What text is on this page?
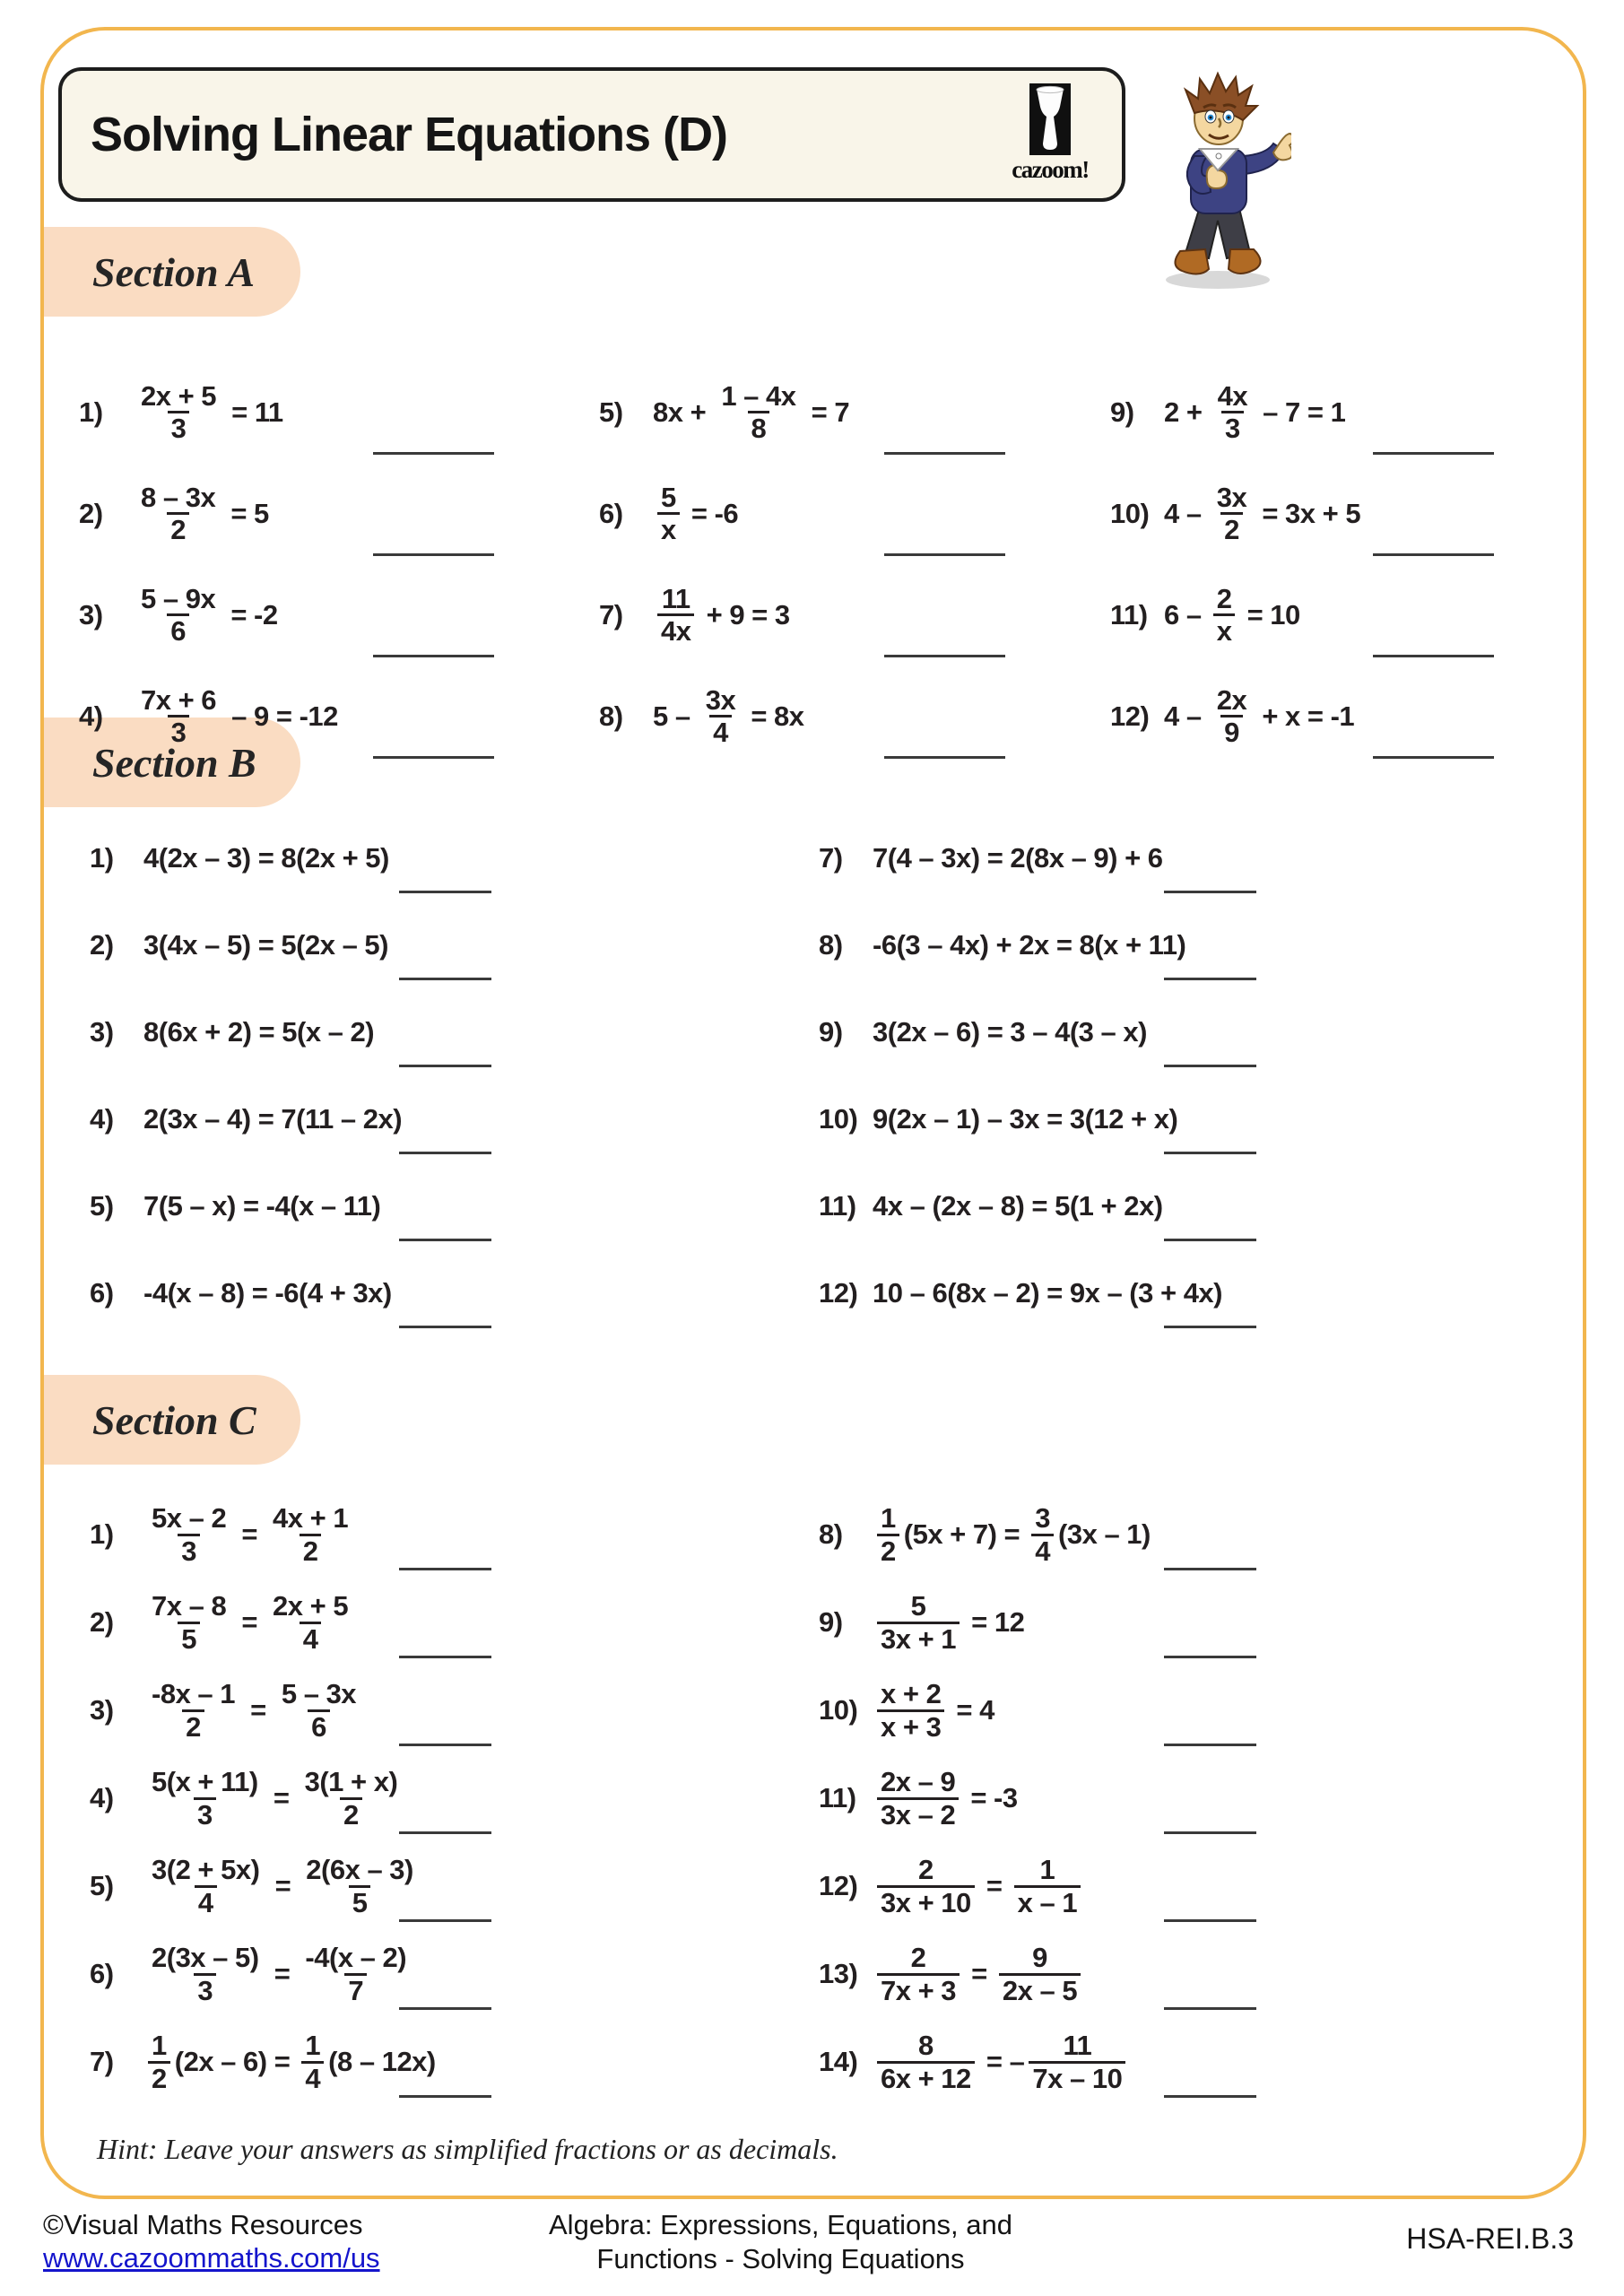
Solving Linear Equations (D)
cazoom!
Section A
Section B
Section C
1)	$\frac{2x + 5}{3} = 11$
2)	$\frac{8 - 3x}{2} = 5$
3)	$\frac{5 - 9x}{6} = -2$
4)	$\frac{7x + 6}{3} - 9 = -12$
5)	$8x + \frac{1 - 4x}{8} = 7$
6)	$\frac{5}{x} = -6$
7)	$\frac{11}{4x} + 9 = 3$
8)	$5 - \frac{3x}{4} = 8x$
9)	$2 + \frac{4x}{3} - 7 = 1$
10) $4 - \frac{3x}{2} = 3x + 5$
11) $6 - \frac{2}{x} = 10$
12) $4 - \frac{2x}{9} + x = -1$
1)	4(2x – 3) = 8(2x + 5)
2)	3(4x – 5) = 5(2x – 5)
3)	8(6x + 2) = 5(x – 2)
4)	2(3x – 4) = 7(11 – 2x)
5)	7(5 – x) = -4(x – 11)
6)	-4(x – 8) = -6(4 + 3x)
7)	7(4 – 3x) = 2(8x – 9) + 6
8)	-6(3 – 4x) + 2x = 8(x + 11)
9)	3(2x – 6) = 3 – 4(3 – x)
10) 9(2x – 1) – 3x = 3(12 + x)
11) 4x – (2x – 8) = 5(1 + 2x)
12) 10 – 6(8x – 2) = 9x – (3 + 4x)
1)	$\frac{5x - 2}{3} = \frac{4x + 1}{2}$
2)	$\frac{7x - 8}{5} = \frac{2x + 5}{4}$
3)	$\frac{-8x - 1}{2} = \frac{5 - 3x}{6}$
4)	$\frac{5(x + 11)}{3} = \frac{3(1 + x)}{2}$
5)	$\frac{3(2 + 5x)}{4} = \frac{2(6x - 3)}{5}$
6)	$\frac{2(3x - 5)}{3} = \frac{-4(x - 2)}{7}$
7)	$\frac{1}{2} (2x - 6) = \frac{1}{4} (8 - 12x)$
8)	$\frac{1}{2} (5x + 7) = \frac{3}{4} (3x - 1)$
9)	$\frac{5}{3x + 1} = 12$
$10) \frac{x + 2}{x + 3} = 4$
$11) \frac{2x - 9}{3x - 2} = -3$
$12) \frac{2}{3x + 10} = \frac{1}{x - 1}$
$13) \frac{2}{7x + 3} = \frac{9}{2x - 5}$
$14) \frac{8}{6x + 12}$ = – $\frac{11}{7x - 10}$
Hint: Leave your answers as simplified fractions or as decimals.
©Visual Maths Resources
www.cazoommaths.com/us
Algebra: Expressions, Equations, and
Functions - Solving Equations
HSA-REI.B.3
